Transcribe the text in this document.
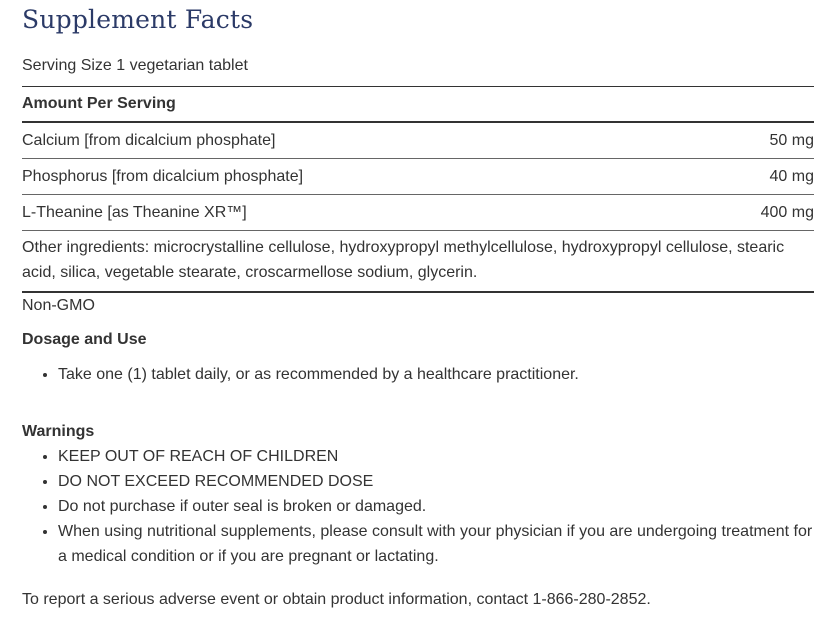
Supplement Facts
Serving Size 1 vegetarian tablet
Amount Per Serving
Calcium [from dicalcium phosphate]	50 mg
Phosphorus [from dicalcium phosphate]	40 mg
L-Theanine [as Theanine XR™]	400 mg
Other ingredients: microcrystalline cellulose, hydroxypropyl methylcellulose, hydroxypropyl cellulose, stearic acid, silica, vegetable stearate, croscarmellose sodium, glycerin.
Non-GMO
Dosage and Use
• Take one (1) tablet daily, or as recommended by a healthcare practitioner.
Warnings
• KEEP OUT OF REACH OF CHILDREN
• DO NOT EXCEED RECOMMENDED DOSE
• Do not purchase if outer seal is broken or damaged.
• When using nutritional supplements, please consult with your physician if you are undergoing treatment for a medical condition or if you are pregnant or lactating.
To report a serious adverse event or obtain product information, contact 1-866-280-2852.
